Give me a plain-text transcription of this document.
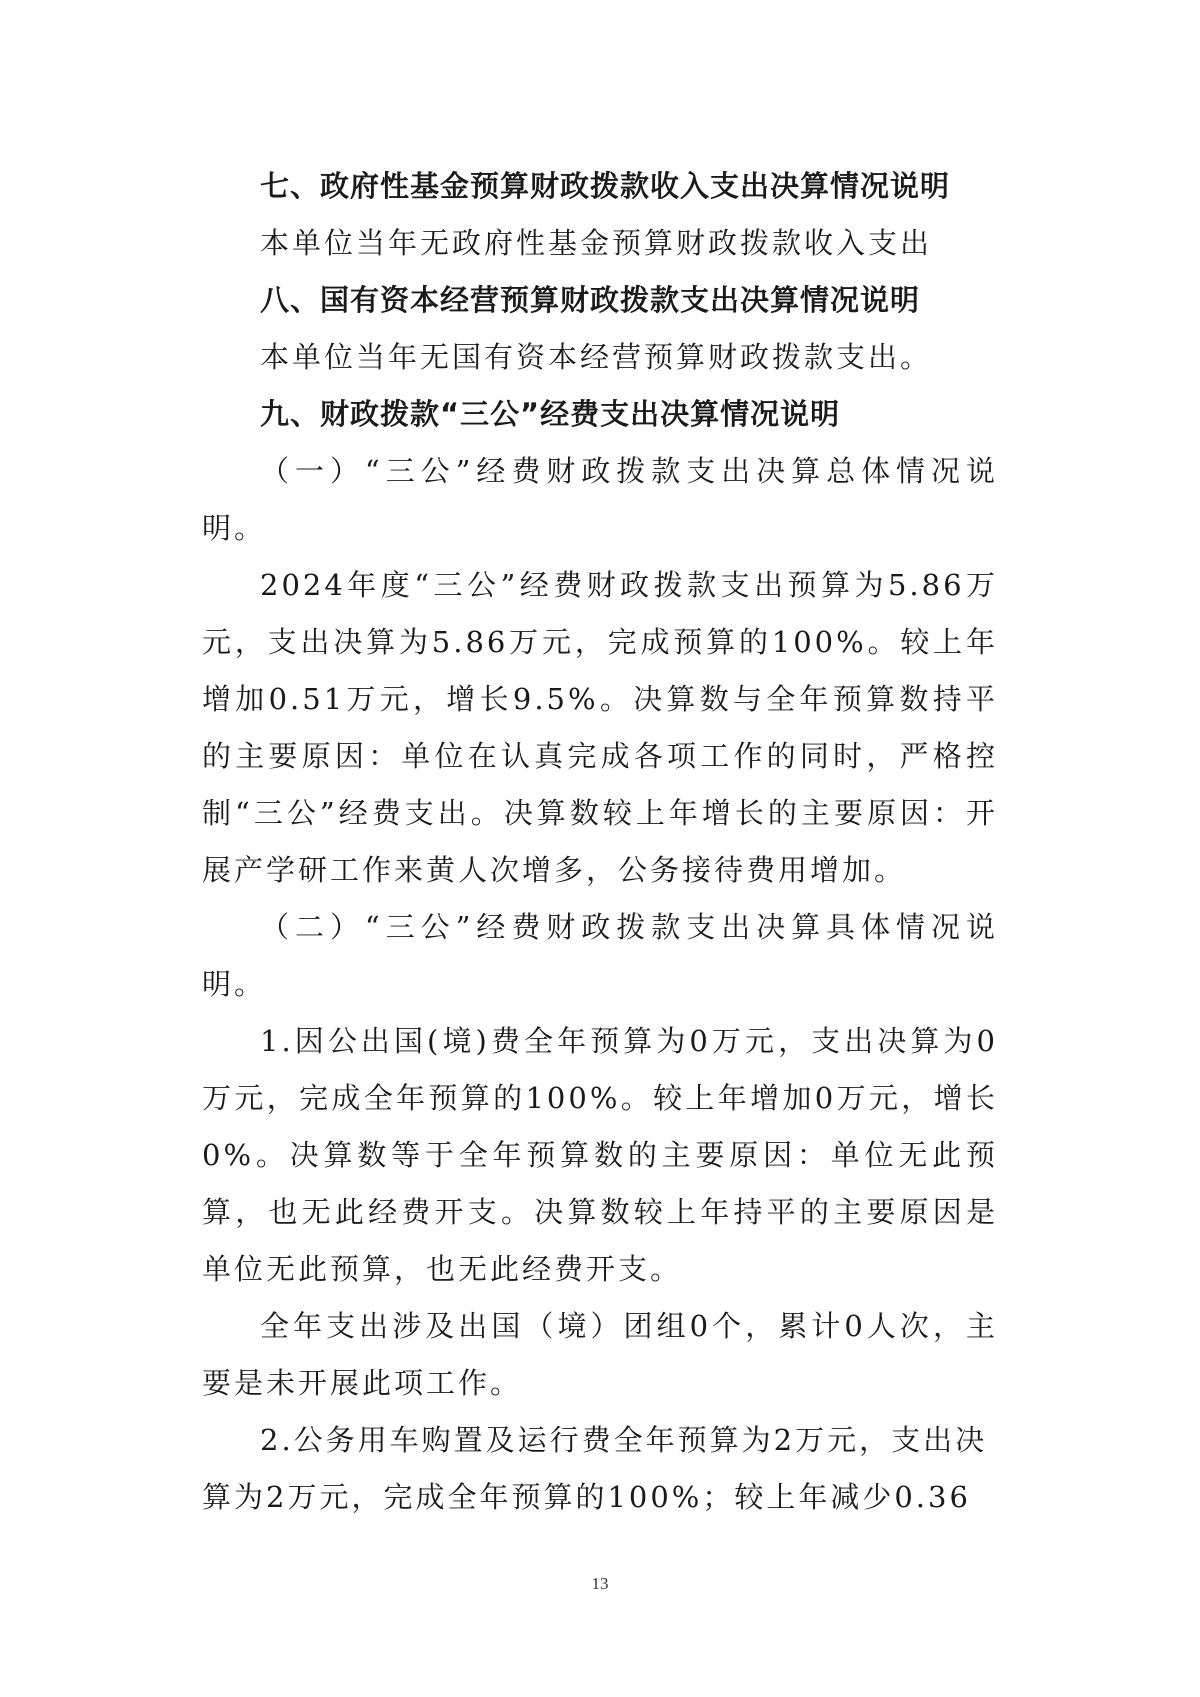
七、政府性基金预算财政拨款收入支出决算情况说明

本单位当年无政府性基金预算财政拨款收入支出

八、国有资本经营预算财政拨款支出决算情况说明

本单位当年无国有资本经营预算财政拨款支出。

九、财政拨款“三公”经费支出决算情况说明

（一）“三公”经费财政拨款支出决算总体情况说明。

2024年度“三公”经费财政拨款支出预算为5.86万元，支出决算为5.86万元，完成预算的100%。较上年增加0.51万元，增长9.5%。决算数与全年预算数持平的主要原因：单位在认真完成各项工作的同时，严格控制“三公”经费支出。决算数较上年增长的主要原因：开展产学研工作来黄人次增多，公务接待费用增加。

（二）“三公”经费财政拨款支出决算具体情况说明。

1.因公出国(境)费全年预算为0万元，支出决算为0万元，完成全年预算的100%。较上年增加0万元，增长0%。决算数等于全年预算数的主要原因：单位无此预算，也无此经费开支。决算数较上年持平的主要原因是单位无此预算，也无此经费开支。

全年支出涉及出国（境）团组0个，累计0人次，主要是未开展此项工作。

2.公务用车购置及运行费全年预算为2万元，支出决算为2万元，完成全年预算的100%；较上年减少0.36

13
